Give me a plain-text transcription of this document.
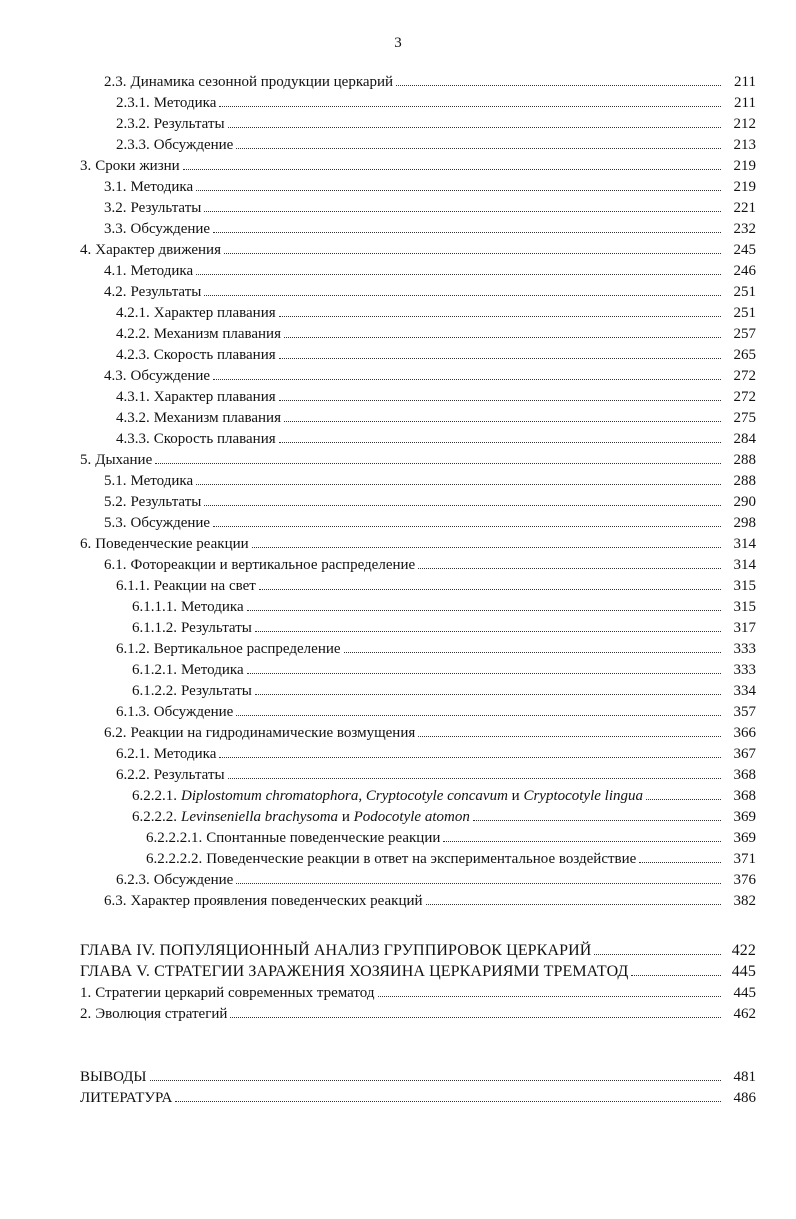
3
2.3. Динамика сезонной продукции церкарий	211
2.3.1. Методика	211
2.3.2. Результаты	212
2.3.3. Обсуждение	213
3. Сроки жизни	219
3.1. Методика	219
3.2. Результаты	221
3.3. Обсуждение	232
4. Характер движения	245
4.1. Методика	246
4.2. Результаты	251
4.2.1. Характер плавания	251
4.2.2. Механизм плавания	257
4.2.3. Скорость плавания	265
4.3. Обсуждение	272
4.3.1. Характер плавания	272
4.3.2. Механизм плавания	275
4.3.3. Скорость плавания	284
5. Дыхание	288
5.1. Методика	288
5.2. Результаты	290
5.3. Обсуждение	298
6. Поведенческие реакции	314
6.1. Фотореакции и вертикальное распределение	314
6.1.1. Реакции на свет	315
6.1.1.1. Методика	315
6.1.1.2. Результаты	317
6.1.2. Вертикальное распределение	333
6.1.2.1. Методика	333
6.1.2.2. Результаты	334
6.1.3. Обсуждение	357
6.2. Реакции на гидродинамические возмущения	366
6.2.1. Методика	367
6.2.2. Результаты	368
6.2.2.1. Diplostomum chromatophora , Cryptocotyle concavum и Cryptocotyle lingua	368
6.2.2.2. Levinseniella brachysoma и Podocotyle atomon	369
6.2.2.2.1. Спонтанные поведенческие реакции	369
6.2.2.2.2. Поведенческие реакции в ответ на экспериментальное воздействие	371
6.2.3. Обсуждение	376
6.3. Характер проявления поведенческих реакций	382
ГЛАВА IV. ПОПУЛЯЦИОННЫЙ АНАЛИЗ ГРУППИРОВОК ЦЕРКАРИЙ	422
ГЛАВА V. СТРАТЕГИИ ЗАРАЖЕНИЯ ХОЗЯИНА ЦЕРКАРИЯМИ ТРЕМАТОД	445
1. Стратегии церкарий современных трематод	445
2. Эволюция стратегий	462
ВЫВОДЫ	481
ЛИТЕРАТУРА	486
